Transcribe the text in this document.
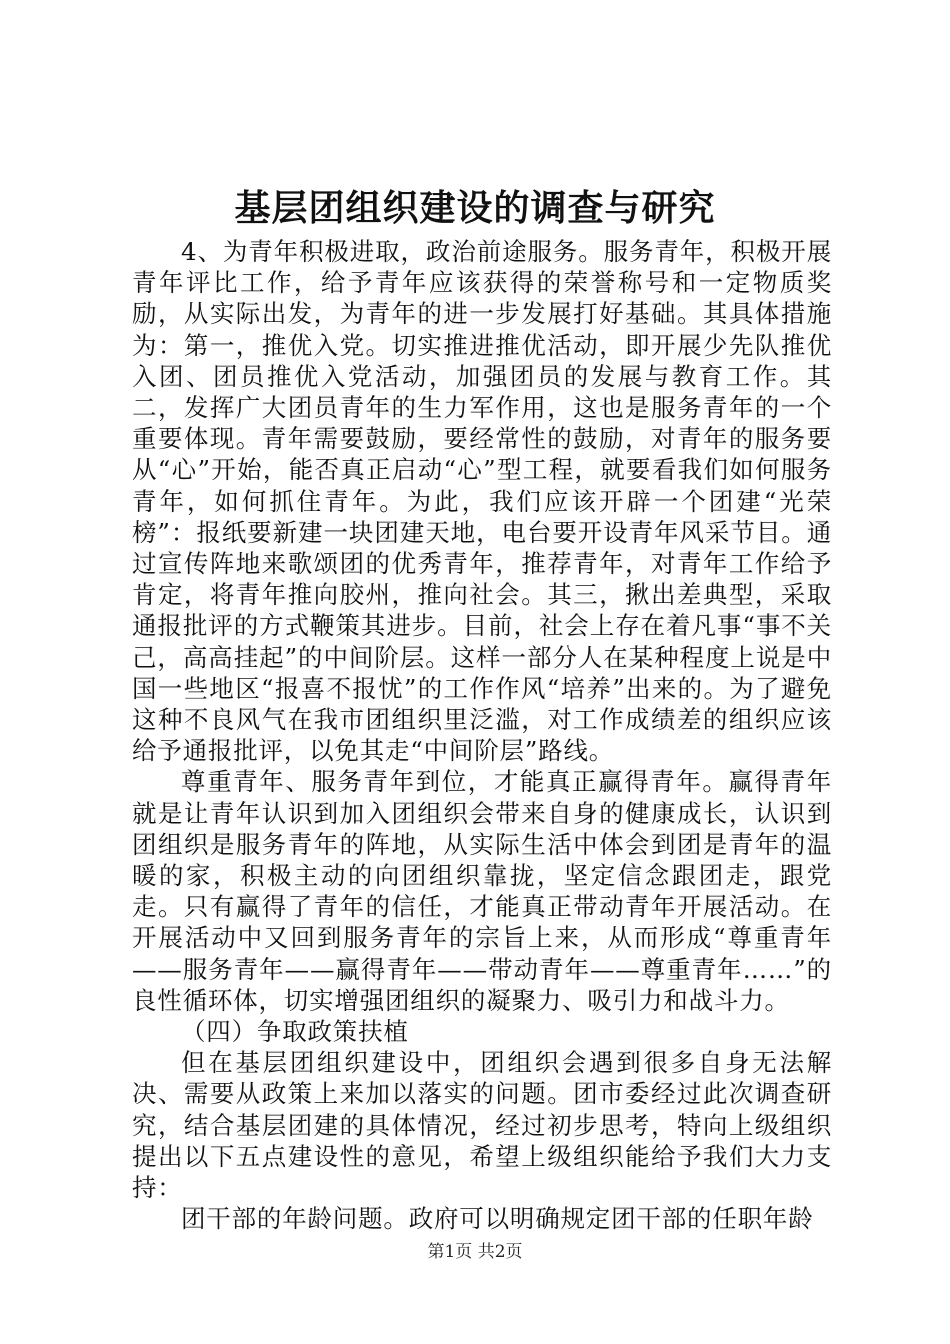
基层团组织建设的调查与研究

4、为青年积极进取，政治前途服务。服务青年，积极开展青年评比工作，给予青年应该获得的荣誉称号和一定物质奖励，从实际出发，为青年的进一步发展打好基础。其具体措施为：第一，推优入党。切实推进推优活动，即开展少先队推优入团、团员推优入党活动，加强团员的发展与教育工作。其二，发挥广大团员青年的生力军作用，这也是服务青年的一个重要体现。青年需要鼓励，要经常性的鼓励，对青年的服务要从“心”开始，能否真正启动“心”型工程，就要看我们如何服务青年，如何抓住青年。为此，我们应该开辟一个团建“光荣榜”：报纸要新建一块团建天地，电台要开设青年风采节目。通过宣传阵地来歌颂团的优秀青年，推荐青年，对青年工作给予肯定，将青年推向胶州，推向社会。其三，揪出差典型，采取通报批评的方式鞭策其进步。目前，社会上存在着凡事“事不关己，高高挂起”的中间阶层。这样一部分人在某种程度上说是中国一些地区“报喜不报忧”的工作作风“培养”出来的。为了避免这种不良风气在我市团组织里泛滥，对工作成绩差的组织应该给予通报批评，以免其走“中间阶层”路线。

尊重青年、服务青年到位，才能真正赢得青年。赢得青年就是让青年认识到加入团组织会带来自身的健康成长，认识到团组织是服务青年的阵地，从实际生活中体会到团是青年的温暖的家，积极主动的向团组织靠拢，坚定信念跟团走，跟党走。只有赢得了青年的信任，才能真正带动青年开展活动。在开展活动中又回到服务青年的宗旨上来，从而形成“尊重青年——服务青年——赢得青年——带动青年——尊重青年……”的良性循环体，切实增强团组织的凝聚力、吸引力和战斗力。

（四）争取政策扶植

但在基层团组织建设中，团组织会遇到很多自身无法解决、需要从政策上来加以落实的问题。团市委经过此次调查研究，结合基层团建的具体情况，经过初步思考，特向上级组织提出以下五点建设性的意见，希望上级组织能给予我们大力支持：

团干部的年龄问题。政府可以明确规定团干部的任职年龄

第1页 共2页
